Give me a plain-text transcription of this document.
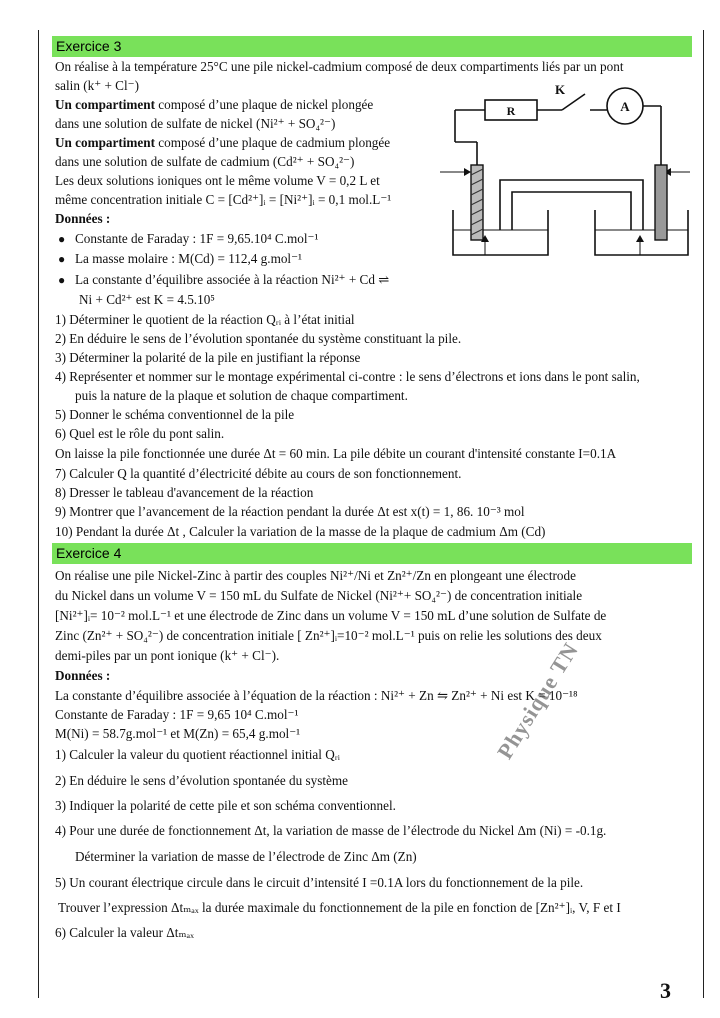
Exercice 3
On réalise à la température 25°C une pile nickel-cadmium composé de deux compartiments liés par un pont
salin (k⁺ + Cl⁻)
Un compartiment composé d’une plaque de nickel plongée
dans une solution de sulfate de nickel (Ni²⁺ + SO₄²⁻)
Un compartiment composé d’une plaque de cadmium plongée
dans une solution de sulfate de cadmium (Cd²⁺ + SO₄²⁻)
Les deux solutions ioniques ont le même volume V = 0,2 L et
même concentration initiale C = [Cd²⁺]ᵢ = [Ni²⁺]ᵢ = 0,1 mol.L⁻¹
Données :
● Constante de Faraday : 1F = 9,65.10⁴ C.mol⁻¹
● La masse molaire : M(Cd) = 112,4 g.mol⁻¹
● La constante d’équilibre associée à la réaction Ni²⁺ + Cd ⇌
Ni + Cd²⁺ est K = 4.5.10⁵
1) Déterminer le quotient de la réaction Qᵣᵢ à l’état initial
2) En déduire le sens de l’évolution spontanée du système constituant la pile.
3) Déterminer la polarité de la pile en justifiant la réponse
4) Représenter et nommer sur le montage expérimental ci-contre : le sens d’électrons et ions dans le pont salin,
puis la nature de la plaque et solution de chaque compartiment.
5) Donner le schéma conventionnel de la pile
6) Quel est le rôle du pont salin.
On laisse la pile fonctionnée une durée Δt = 60 min. La pile débite un courant d'intensité constante I=0.1A
7) Calculer Q la quantité d’électricité débite au cours de son fonctionnement.
8) Dresser le tableau d'avancement de la réaction
9) Montrer que l’avancement de la réaction pendant la durée Δt est x(t) = 1, 86. 10⁻³ mol
10) Pendant la durée Δt , Calculer la variation de la masse de la plaque de cadmium Δm (Cd)
R
K
A
Exercice 4
On réalise une pile Nickel-Zinc à partir des couples Ni²⁺/Ni et Zn²⁺/Zn en plongeant une électrode
du Nickel dans un volume V = 150 mL du Sulfate de Nickel (Ni²⁺+ SO₄²⁻) de concentration initiale
[Ni²⁺]ᵢ= 10⁻² mol.L⁻¹ et une électrode de Zinc dans un volume V = 150 mL d’une solution de Sulfate de
Zinc (Zn²⁺ + SO₄²⁻) de concentration initiale [ Zn²⁺]ᵢ=10⁻² mol.L⁻¹ puis on relie les solutions des deux
demi-piles par un pont ionique (k⁺ + Cl⁻).
Données :
La constante d’équilibre associée à l’équation de la réaction : Ni²⁺ + Zn ⇋ Zn²⁺ + Ni est K = 10⁻¹⁸
Constante de Faraday : 1F = 9,65 10⁴ C.mol⁻¹
M(Ni) = 58.7g.mol⁻¹ et M(Zn) = 65,4 g.mol⁻¹
1) Calculer la valeur du quotient réactionnel initial Qᵣᵢ
2) En déduire le sens d’évolution spontanée du système
3) Indiquer la polarité de cette pile et son schéma conventionnel.
4) Pour une durée de fonctionnement Δt, la variation de masse de l’électrode du Nickel Δm (Ni) = -0.1g.
Déterminer la variation de masse de l’électrode de Zinc Δm (Zn)
5) Un courant électrique circule dans le circuit d’intensité I =0.1A lors du fonctionnement de la pile.
Trouver l’expression Δtₘₐₓ la durée maximale du fonctionnement de la pile en fonction de [Zn²⁺]ᵢ, V, F et I
6) Calculer la valeur Δtₘₐₓ
Physique TN
3
